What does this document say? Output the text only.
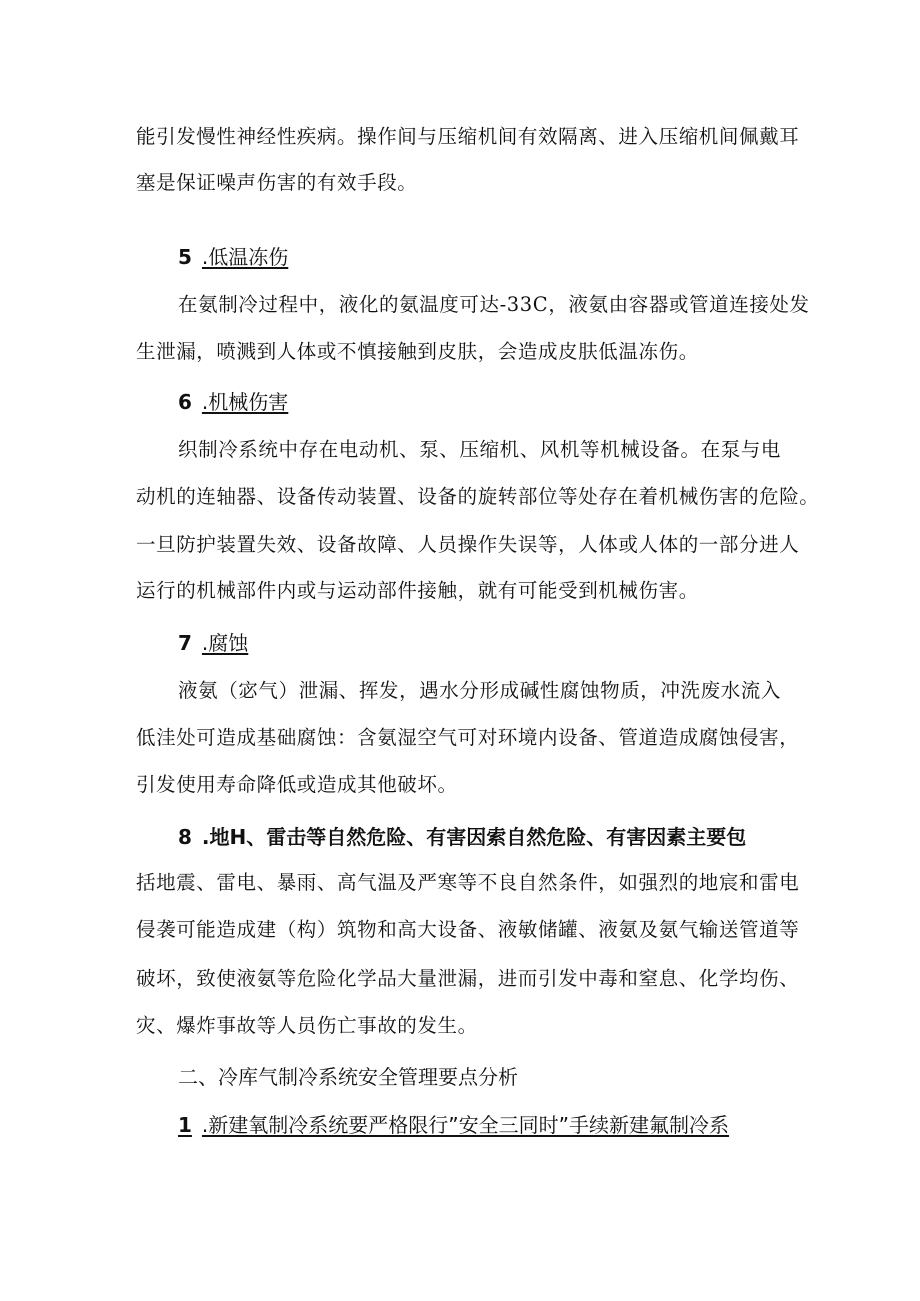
能引发慢性神经性疾病。操作间与压缩机间有效隔离、进入压缩机间佩戴耳
塞是保证噪声伤害的有效手段。
5 .低温冻伤
在氨制冷过程中，液化的氨温度可达-33C，液氨由容器或管道连接处发
生泄漏，喷溅到人体或不慎接触到皮肤，会造成皮肤低温冻伤。
6 .机械伤害
织制冷系统中存在电动机、泵、压缩机、风机等机械设备。在泵与电
动机的连轴器、设备传动装置、设备的旋转部位等处存在着机械伤害的危险。
一旦防护装置失效、设备故障、人员操作失误等，人体或人体的一部分进人
运行的机械部件内或与运动部件接触，就有可能受到机械伤害。
7 .腐蚀
液氨（宓气）泄漏、挥发，遇水分形成碱性腐蚀物质，冲洗废水流入
低洼处可造成基础腐蚀：含氨湿空气可对环境内设备、管道造成腐蚀侵害，
引发使用寿命降低或造成其他破坏。
8 .地H、雷击等自然危险、有害因索自然危险、有害因素主要包
括地震、雷电、暴雨、高气温及严寒等不良自然条件，如强烈的地宸和雷电
侵袭可能造成建（构）筑物和高大设备、液敏储罐、液氨及氨气输送管道等
破坏，致使液氨等危险化学品大量泄漏，进而引发中毒和窒息、化学均伤、
灾、爆炸事故等人员伤亡事故的发生。
二、冷库气制冷系统安全管理要点分析
1 .新建氧制冷系统要严格限行”安全三同时”手续新建氟制冷系
